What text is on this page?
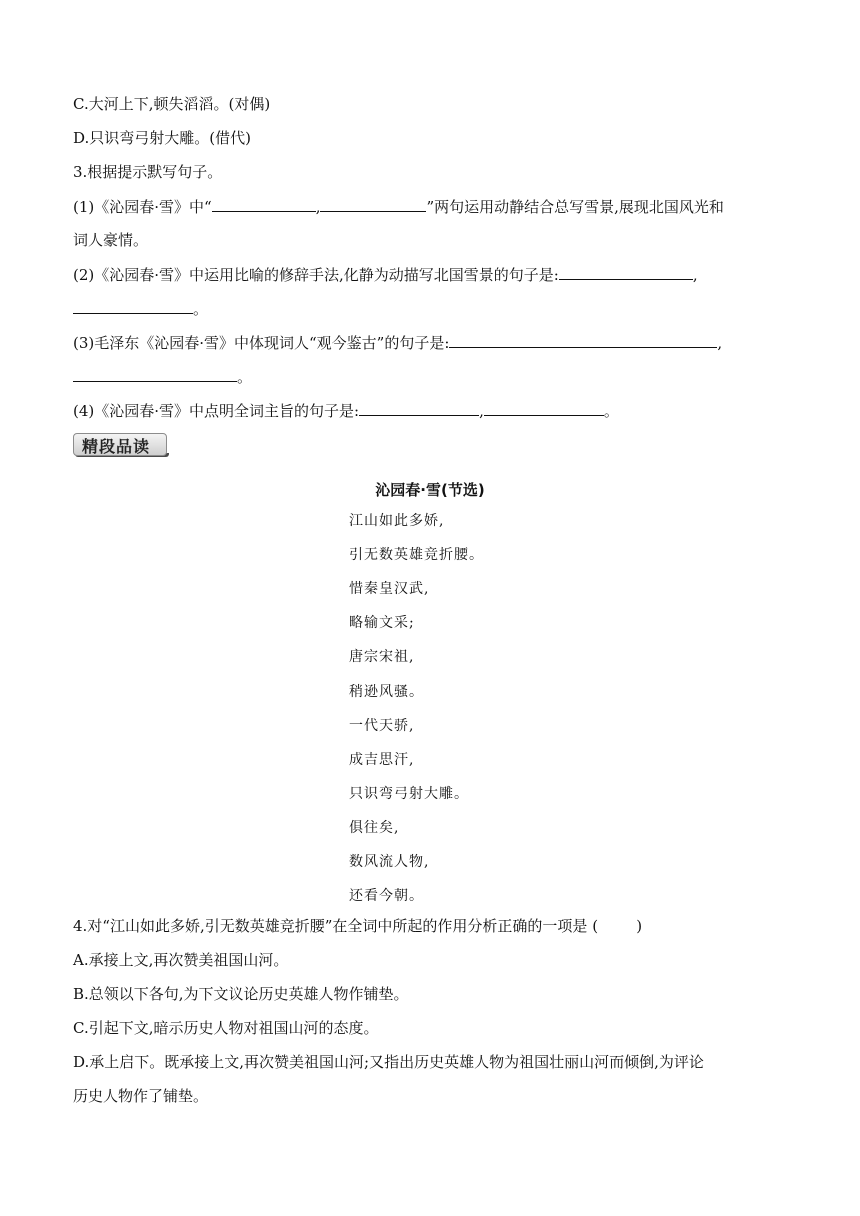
C.大河上下,顿失滔滔。(对偶)
D.只识弯弓射大雕。(借代)
3.根据提示默写句子。
(1)《沁园春·雪》中“	,	”两句运用动静结合总写雪景,展现北国风光和
词人豪情。
(2)《沁园春·雪》中运用比喻的修辞手法,化静为动描写北国雪景的句子是:	,
。
(3)毛泽东《沁园春·雪》中体现词人“观今鉴古”的句子是:	,
。
(4)《沁园春·雪》中点明全词主旨的句子是:	,	。
精段品读
沁园春·雪(节选)
江山如此多娇,
引无数英雄竞折腰。
惜秦皇汉武,
略输文采;
唐宗宋祖,
稍逊风骚。
一代天骄,
成吉思汗,
只识弯弓射大雕。
俱往矣,
数风流人物,
还看今朝。
4.对“江山如此多娇,引无数英雄竞折腰”在全词中所起的作用分析正确的一项是 (        )
A.承接上文,再次赞美祖国山河。
B.总领以下各句,为下文议论历史英雄人物作铺垫。
C.引起下文,暗示历史人物对祖国山河的态度。
D.承上启下。既承接上文,再次赞美祖国山河;又指出历史英雄人物为祖国壮丽山河而倾倒,为评论
历史人物作了铺垫。
